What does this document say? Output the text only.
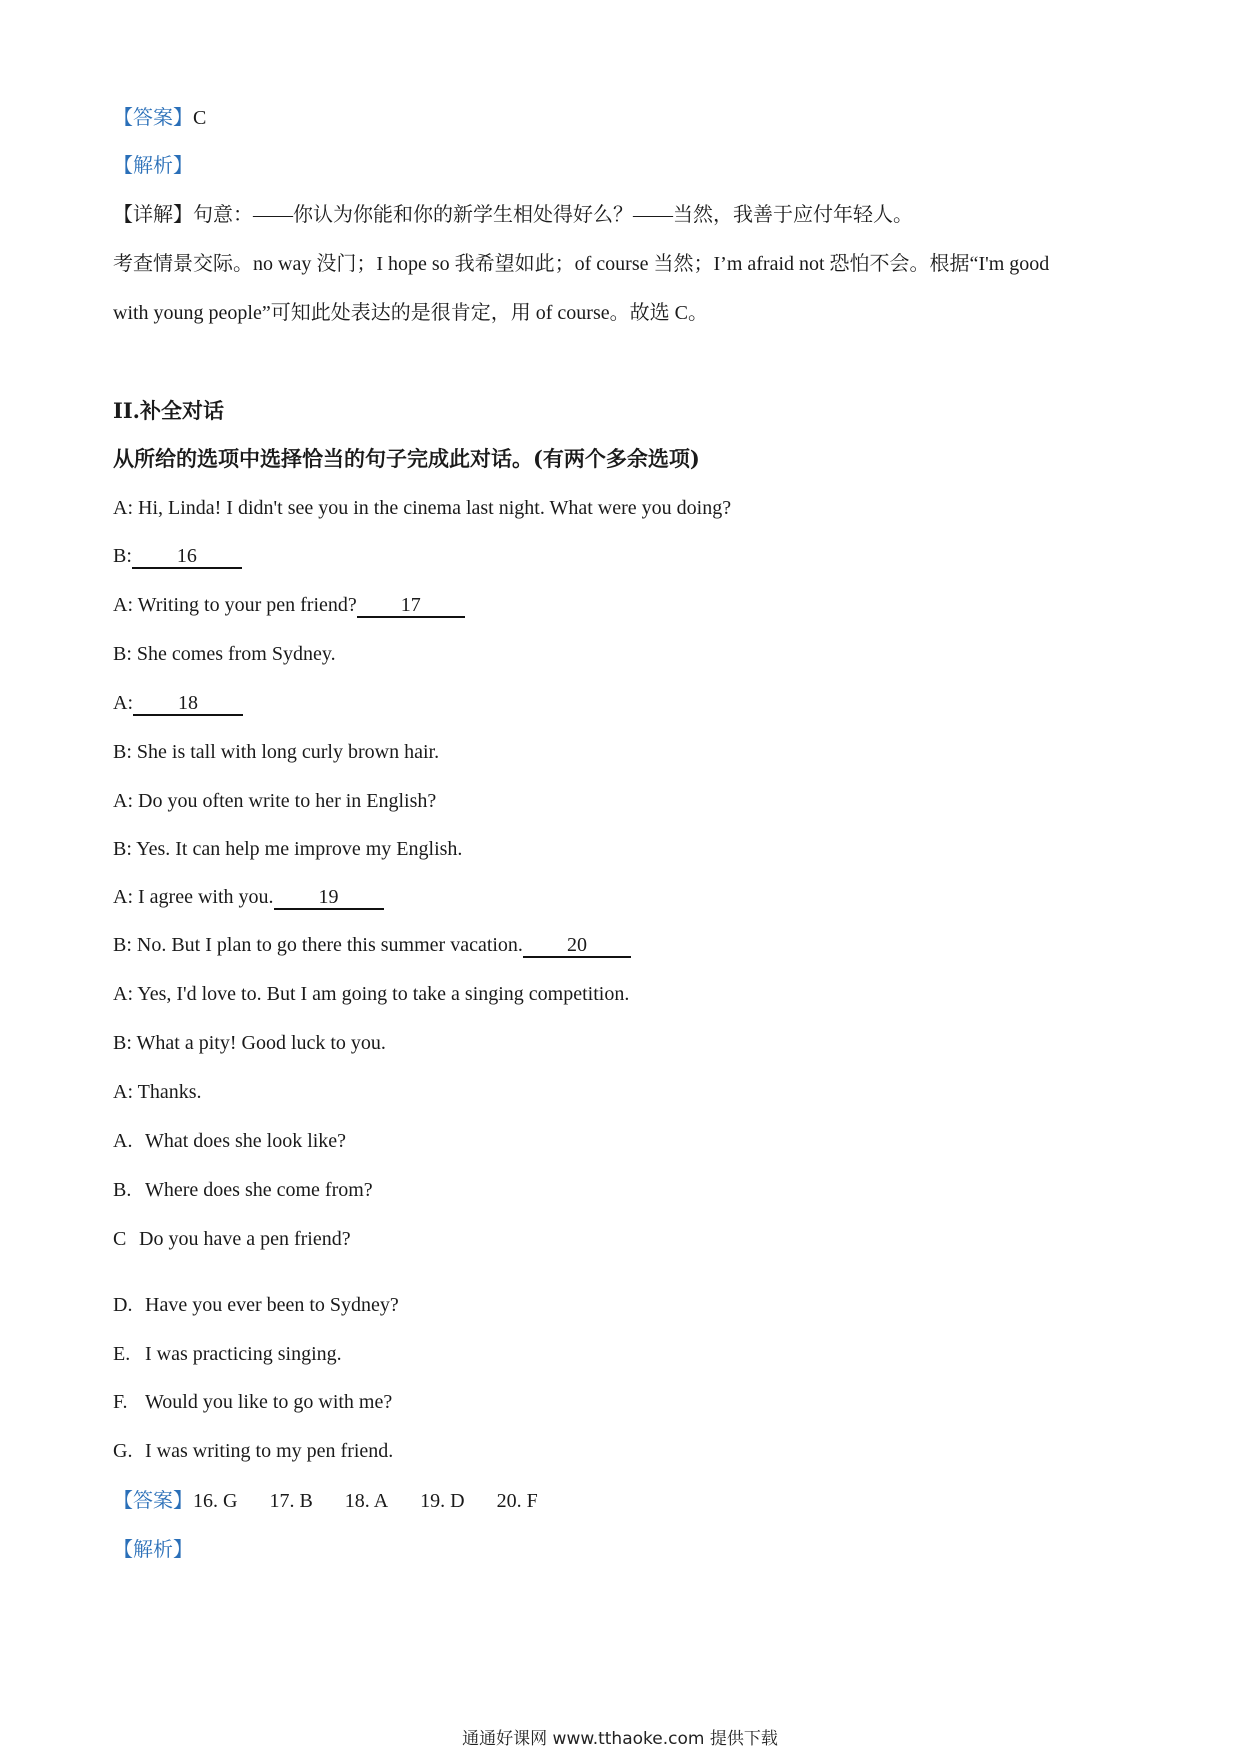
【答案】C
【解析】
【详解】句意：——你认为你能和你的新学生相处得好么？——当然，我善于应付年轻人。
考查情景交际。no way 没门；I hope so 我希望如此；of course 当然；I’m afraid not 恐怕不会。根据“I'm good
with young people”可知此处表达的是很肯定，用 of course。故选 C。
II.补全对话
从所给的选项中选择恰当的句子完成此对话。(有两个多余选项)
A: Hi, Linda! I didn't see you in the cinema last night. What were you doing?
B: 16
A: Writing to your pen friend? 17
B: She comes from Sydney.
A: 18
B: She is tall with long curly brown hair.
A: Do you often write to her in English?
B: Yes. It can help me improve my English.
A: I agree with you. 19
B: No. But I plan to go there this summer vacation. 20
A: Yes, I'd love to. But I am going to take a singing competition.
B: What a pity! Good luck to you.
A: Thanks.
A. What does she look like?
B. Where does she come from?
C Do you have a pen friend?
D. Have you ever been to Sydney?
E. I was practicing singing.
F. Would you like to go with me?
G. I was writing to my pen friend.
【答案】16. G 17. B 18. A 19. D 20. F
【解析】
通通好课网 www.tthaoke.com 提供下载
